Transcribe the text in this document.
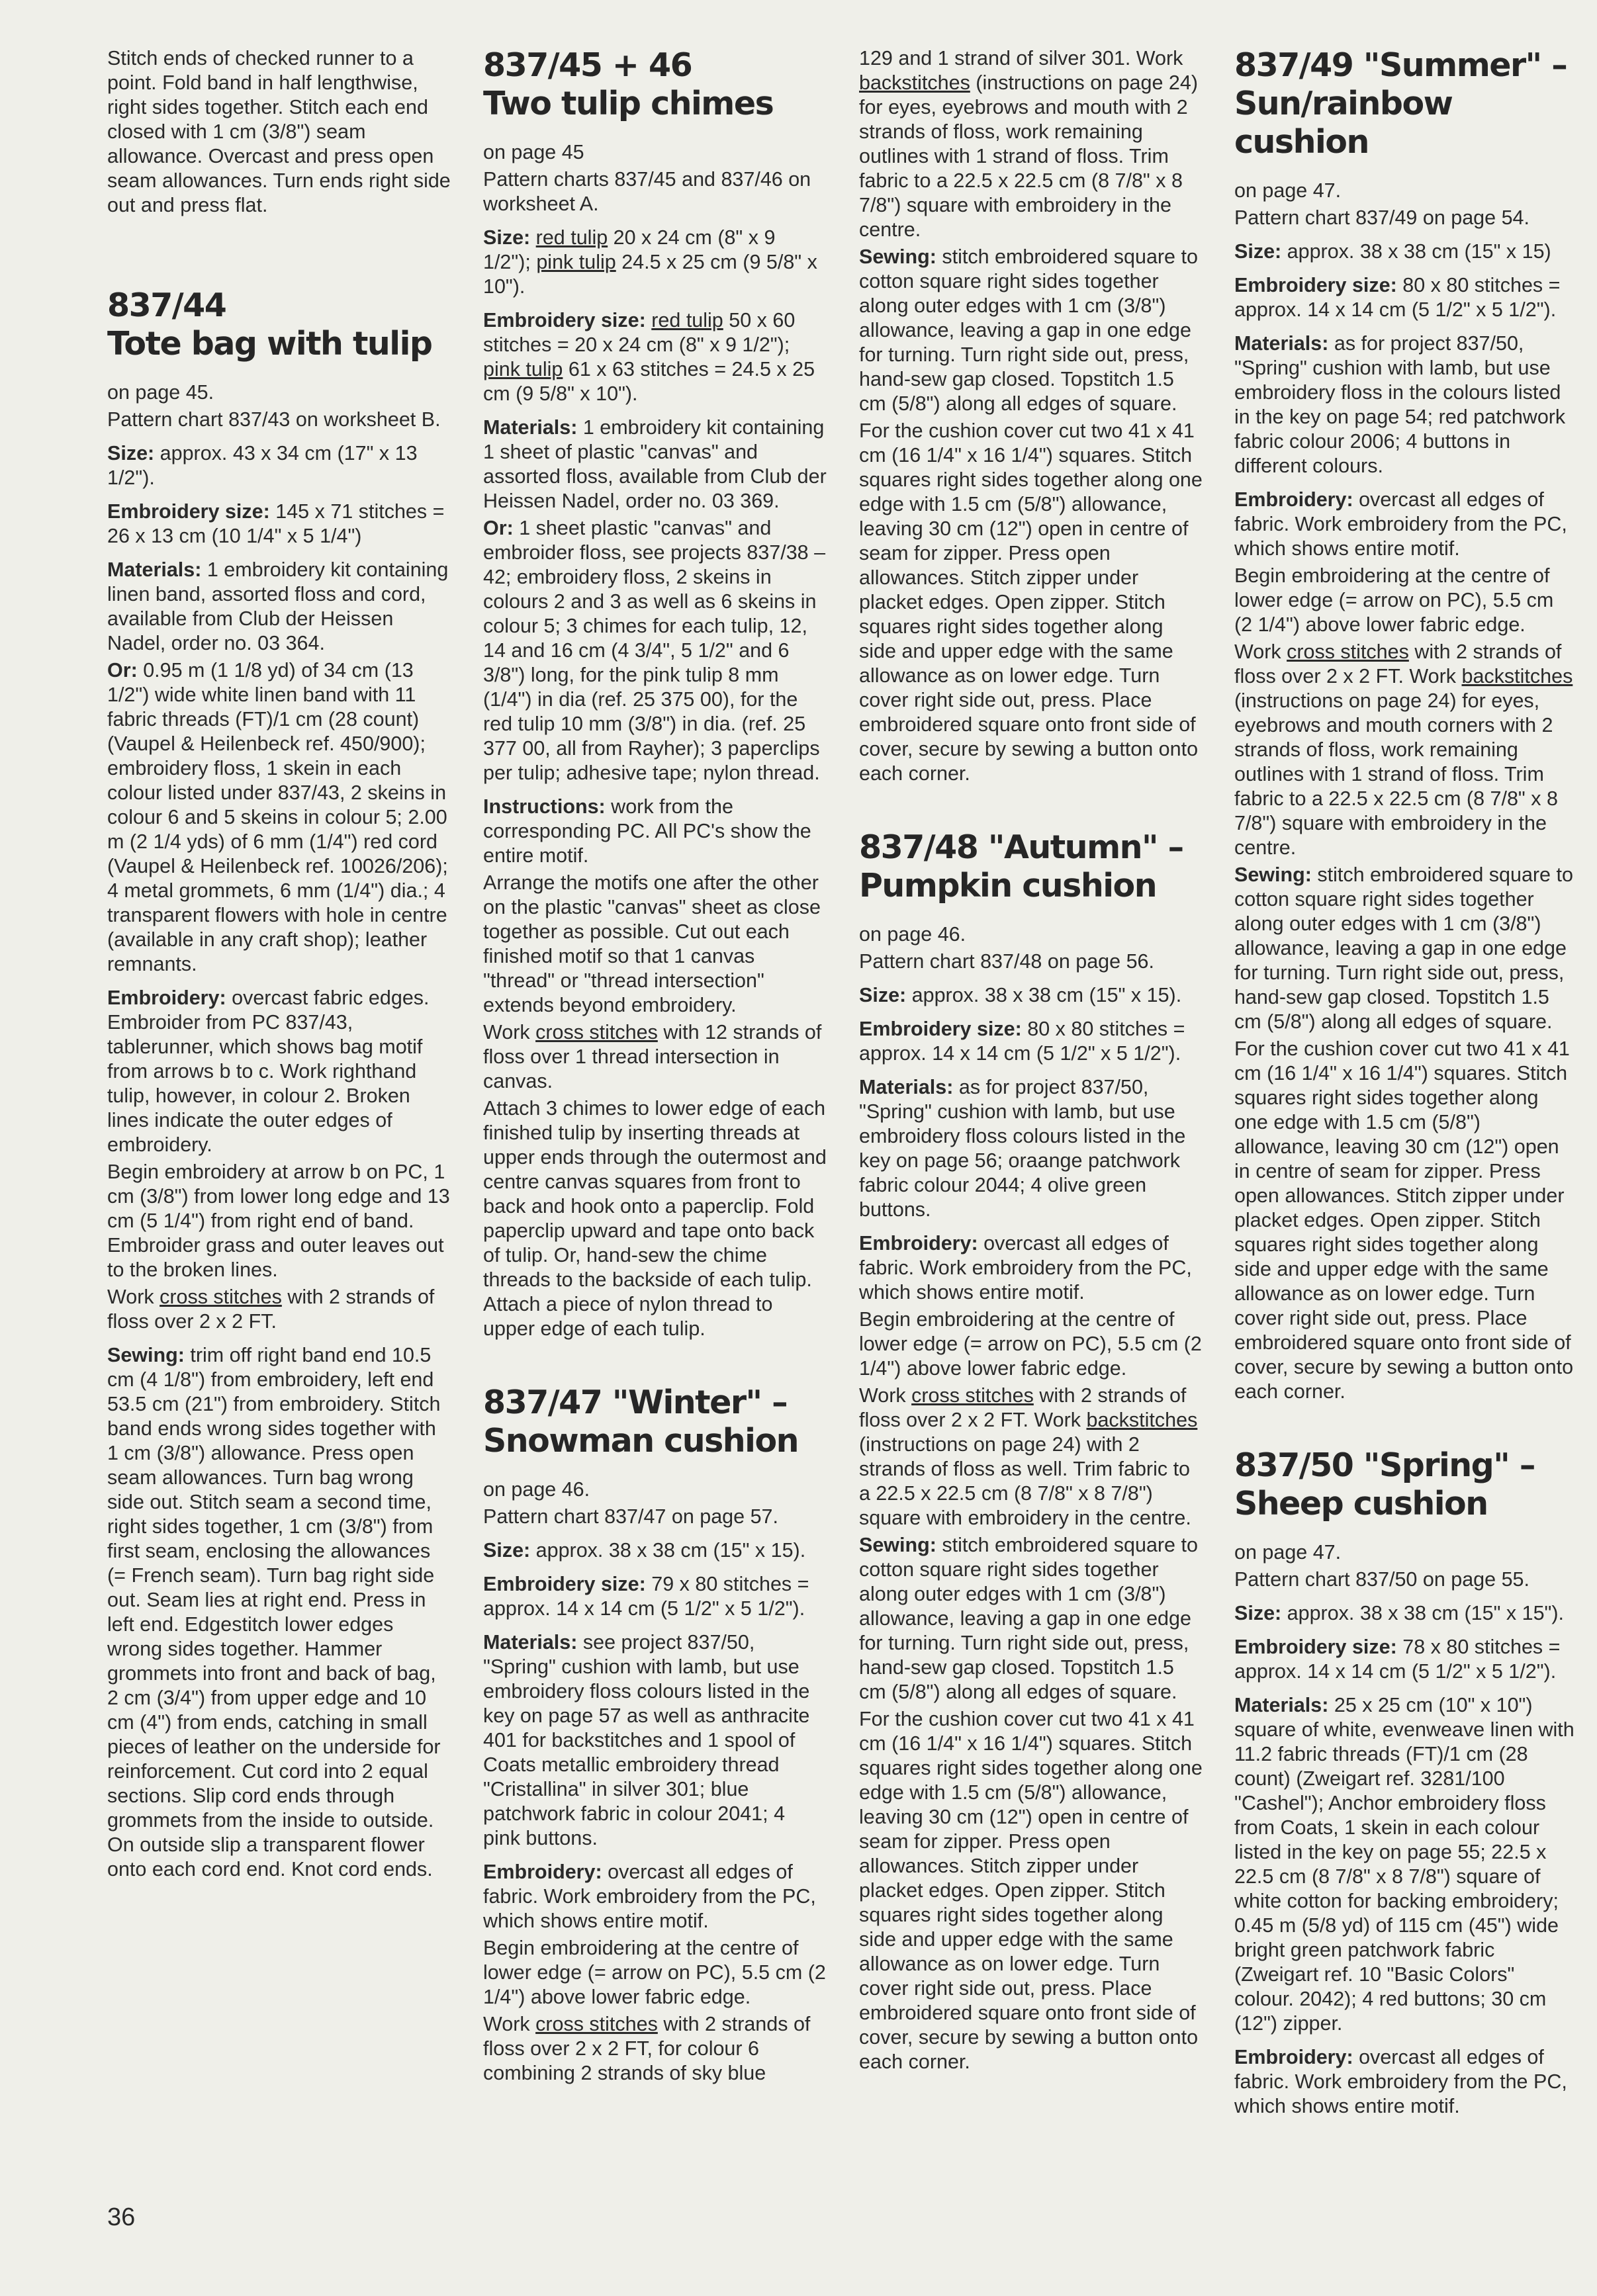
Stitch ends of checked runner to a point. Fold band in half lengthwise, right sides together. Stitch each end closed with 1 cm (3/8") seam allowance. Overcast and press open seam allowances. Turn ends right side out and press flat.

837/44
Tote bag with tulip

on page 45.

Pattern chart 837/43 on worksheet B.

Size: approx. 43 x 34 cm (17" x 13 1/2").

Embroidery size: 145 x 71 stitches = 26 x 13 cm (10 1/4" x 5 1/4")

Materials: 1 embroidery kit containing linen band, assorted floss and cord, available from Club der Heissen Nadel, order no. 03 364.

Or: 0.95 m (1 1/8 yd) of 34 cm (13 1/2") wide white linen band with 11 fabric threads (FT)/1 cm (28 count) (Vaupel & Heilenbeck ref. 450/900); embroidery floss, 1 skein in each colour listed under 837/43, 2 skeins in colour 6 and 5 skeins in colour 5; 2.00 m (2 1/4 yds) of 6 mm (1/4") red cord (Vaupel & Heilenbeck ref. 10026/206); 4 metal grommets, 6 mm (1/4") dia.; 4 transparent flowers with hole in centre (available in any craft shop); leather remnants.

Embroidery: overcast fabric edges. Embroider from PC 837/43, tablerunner, which shows bag motif from arrows b to c. Work righthand tulip, however, in colour 2. Broken lines indicate the outer edges of embroidery.

Begin embroidery at arrow b on PC, 1 cm (3/8") from lower long edge and 13 cm (5 1/4") from right end of band. Embroider grass and outer leaves out to the broken lines.

Work cross stitches with 2 strands of floss over 2 x 2 FT.

Sewing: trim off right band end 10.5 cm (4 1/8") from embroidery, left end 53.5 cm (21") from embroidery. Stitch band ends wrong sides together with 1 cm (3/8") allowance. Press open seam allowances. Turn bag wrong side out. Stitch seam a second time, right sides together, 1 cm (3/8") from first seam, enclosing the allowances (= French seam). Turn bag right side out. Seam lies at right end. Press in left end. Edgestitch lower edges wrong sides together. Hammer grommets into front and back of bag, 2 cm (3/4") from upper edge and 10 cm (4") from ends, catching in small pieces of leather on the underside for reinforcement. Cut cord into 2 equal sections. Slip cord ends through grommets from the inside to outside. On outside slip a transparent flower onto each cord end. Knot cord ends.

837/45 + 46
Two tulip chimes

on page 45

Pattern charts 837/45 and 837/46 on worksheet A.

Size: red tulip 20 x 24 cm (8" x 9 1/2"); pink tulip 24.5 x 25 cm (9 5/8" x 10").

Embroidery size: red tulip 50 x 60 stitches = 20 x 24 cm (8" x 9 1/2"); pink tulip 61 x 63 stitches = 24.5 x 25 cm (9 5/8" x 10").

Materials: 1 embroidery kit containing 1 sheet of plastic "canvas" and assorted floss, available from Club der Heissen Nadel, order no. 03 369.

Or: 1 sheet plastic "canvas" and embroider floss, see projects 837/38 – 42; embroidery floss, 2 skeins in colours 2 and 3 as well as 6 skeins in colour 5; 3 chimes for each tulip, 12, 14 and 16 cm (4 3/4", 5 1/2" and 6 3/8") long, for the pink tulip 8 mm (1/4") in dia (ref. 25 375 00), for the red tulip 10 mm (3/8") in dia. (ref. 25 377 00, all from Rayher); 3 paperclips per tulip; adhesive tape; nylon thread.

Instructions: work from the corresponding PC. All PC's show the entire motif.

Arrange the motifs one after the other on the plastic "canvas" sheet as close together as possible. Cut out each finished motif so that 1 canvas "thread" or "thread intersection" extends beyond embroidery.

Work cross stitches with 12 strands of floss over 1 thread intersection in canvas.

Attach 3 chimes to lower edge of each finished tulip by inserting threads at upper ends through the outermost and centre canvas squares from front to back and hook onto a paperclip. Fold paperclip upward and tape onto back of tulip. Or, hand-sew the chime threads to the backside of each tulip. Attach a piece of nylon thread to upper edge of each tulip.

837/47 "Winter" –
Snowman cushion

on page 46.

Pattern chart 837/47 on page 57.

Size: approx. 38 x 38 cm (15" x 15).

Embroidery size: 79 x 80 stitches = approx. 14 x 14 cm (5 1/2" x 5 1/2").

Materials: see project 837/50, "Spring" cushion with lamb, but use embroidery floss colours listed in the key on page 57 as well as anthracite 401 for backstitches and 1 spool of Coats metallic embroidery thread "Cristallina" in silver 301; blue patchwork fabric in colour 2041; 4 pink buttons.

Embroidery: overcast all edges of fabric. Work embroidery from the PC, which shows entire motif.

Begin embroidering at the centre of lower edge (= arrow on PC), 5.5 cm (2 1/4") above lower fabric edge.

Work cross stitches with 2 strands of floss over 2 x 2 FT, for colour 6 combining 2 strands of sky blue

129 and 1 strand of silver 301. Work backstitches (instructions on page 24) for eyes, eyebrows and mouth with 2 strands of floss, work remaining outlines with 1 strand of floss. Trim fabric to a 22.5 x 22.5 cm (8 7/8" x 8 7/8") square with embroidery in the centre.

Sewing: stitch embroidered square to cotton square right sides together along outer edges with 1 cm (3/8") allowance, leaving a gap in one edge for turning. Turn right side out, press, hand-sew gap closed. Topstitch 1.5 cm (5/8") along all edges of square.

For the cushion cover cut two 41 x 41 cm (16 1/4" x 16 1/4") squares. Stitch squares right sides together along one edge with 1.5 cm (5/8") allowance, leaving 30 cm (12") open in centre of seam for zipper. Press open allowances. Stitch zipper under placket edges. Open zipper. Stitch squares right sides together along side and upper edge with the same allowance as on lower edge. Turn cover right side out, press. Place embroidered square onto front side of cover, secure by sewing a button onto each corner.

837/48 "Autumn" –
Pumpkin cushion

on page 46.

Pattern chart 837/48 on page 56.

Size: approx. 38 x 38 cm (15" x 15).

Embroidery size: 80 x 80 stitches = approx. 14 x 14 cm (5 1/2" x 5 1/2").

Materials: as for project 837/50, "Spring" cushion with lamb, but use embroidery floss colours listed in the key on page 56; oraange patchwork fabric colour 2044; 4 olive green buttons.

Embroidery: overcast all edges of fabric. Work embroidery from the PC, which shows entire motif.

Begin embroidering at the centre of lower edge (= arrow on PC), 5.5 cm (2 1/4") above lower fabric edge.

Work cross stitches with 2 strands of floss over 2 x 2 FT. Work backstitches (instructions on page 24) with 2 strands of floss as well. Trim fabric to a 22.5 x 22.5 cm (8 7/8" x 8 7/8") square with embroidery in the centre.

Sewing: stitch embroidered square to cotton square right sides together along outer edges with 1 cm (3/8") allowance, leaving a gap in one edge for turning. Turn right side out, press, hand-sew gap closed. Topstitch 1.5 cm (5/8") along all edges of square.

For the cushion cover cut two 41 x 41 cm (16 1/4" x 16 1/4") squares. Stitch squares right sides together along one edge with 1.5 cm (5/8") allowance, leaving 30 cm (12") open in centre of seam for zipper. Press open allowances. Stitch zipper under placket edges. Open zipper. Stitch squares right sides together along side and upper edge with the same allowance as on lower edge. Turn cover right side out, press. Place embroidered square onto front side of cover, secure by sewing a button onto each corner.

837/49 "Summer" –
Sun/rainbow cushion

on page 47.

Pattern chart 837/49 on page 54.

Size: approx. 38 x 38 cm (15" x 15)

Embroidery size: 80 x 80 stitches = approx. 14 x 14 cm (5 1/2" x 5 1/2").

Materials: as for project 837/50, "Spring" cushion with lamb, but use embroidery floss in the colours listed in the key on page 54; red patchwork fabric colour 2006; 4 buttons in different colours.

Embroidery: overcast all edges of fabric. Work embroidery from the PC, which shows entire motif.

Begin embroidering at the centre of lower edge (= arrow on PC), 5.5 cm (2 1/4") above lower fabric edge.

Work cross stitches with 2 strands of floss over 2 x 2 FT. Work backstitches (instructions on page 24) for eyes, eyebrows and mouth corners with 2 strands of floss, work remaining outlines with 1 strand of floss. Trim fabric to a 22.5 x 22.5 cm (8 7/8" x 8 7/8") square with embroidery in the centre.

Sewing: stitch embroidered square to cotton square right sides together along outer edges with 1 cm (3/8") allowance, leaving a gap in one edge for turning. Turn right side out, press, hand-sew gap closed. Topstitch 1.5 cm (5/8") along all edges of square.

For the cushion cover cut two 41 x 41 cm (16 1/4" x 16 1/4") squares. Stitch squares right sides together along one edge with 1.5 cm (5/8") allowance, leaving 30 cm (12") open in centre of seam for zipper. Press open allowances. Stitch zipper under placket edges. Open zipper. Stitch squares right sides together along side and upper edge with the same allowance as on lower edge. Turn cover right side out, press. Place embroidered square onto front side of cover, secure by sewing a button onto each corner.

837/50 "Spring" –
Sheep cushion

on page 47.

Pattern chart 837/50 on page 55.

Size: approx. 38 x 38 cm (15" x 15").

Embroidery size: 78 x 80 stitches = approx. 14 x 14 cm (5 1/2" x 5 1/2").

Materials: 25 x 25 cm (10" x 10") square of white, evenweave linen with 11.2 fabric threads (FT)/1 cm (28 count) (Zweigart ref. 3281/100 "Cashel"); Anchor embroidery floss from Coats, 1 skein in each colour listed in the key on page 55; 22.5 x 22.5 cm (8 7/8" x 8 7/8") square of white cotton for backing embroidery; 0.45 m (5/8 yd) of 115 cm (45") wide bright green patchwork fabric (Zweigart ref. 10 "Basic Colors" colour. 2042); 4 red buttons; 30 cm (12") zipper.

Embroidery: overcast all edges of fabric. Work embroidery from the PC, which shows entire motif.

36
